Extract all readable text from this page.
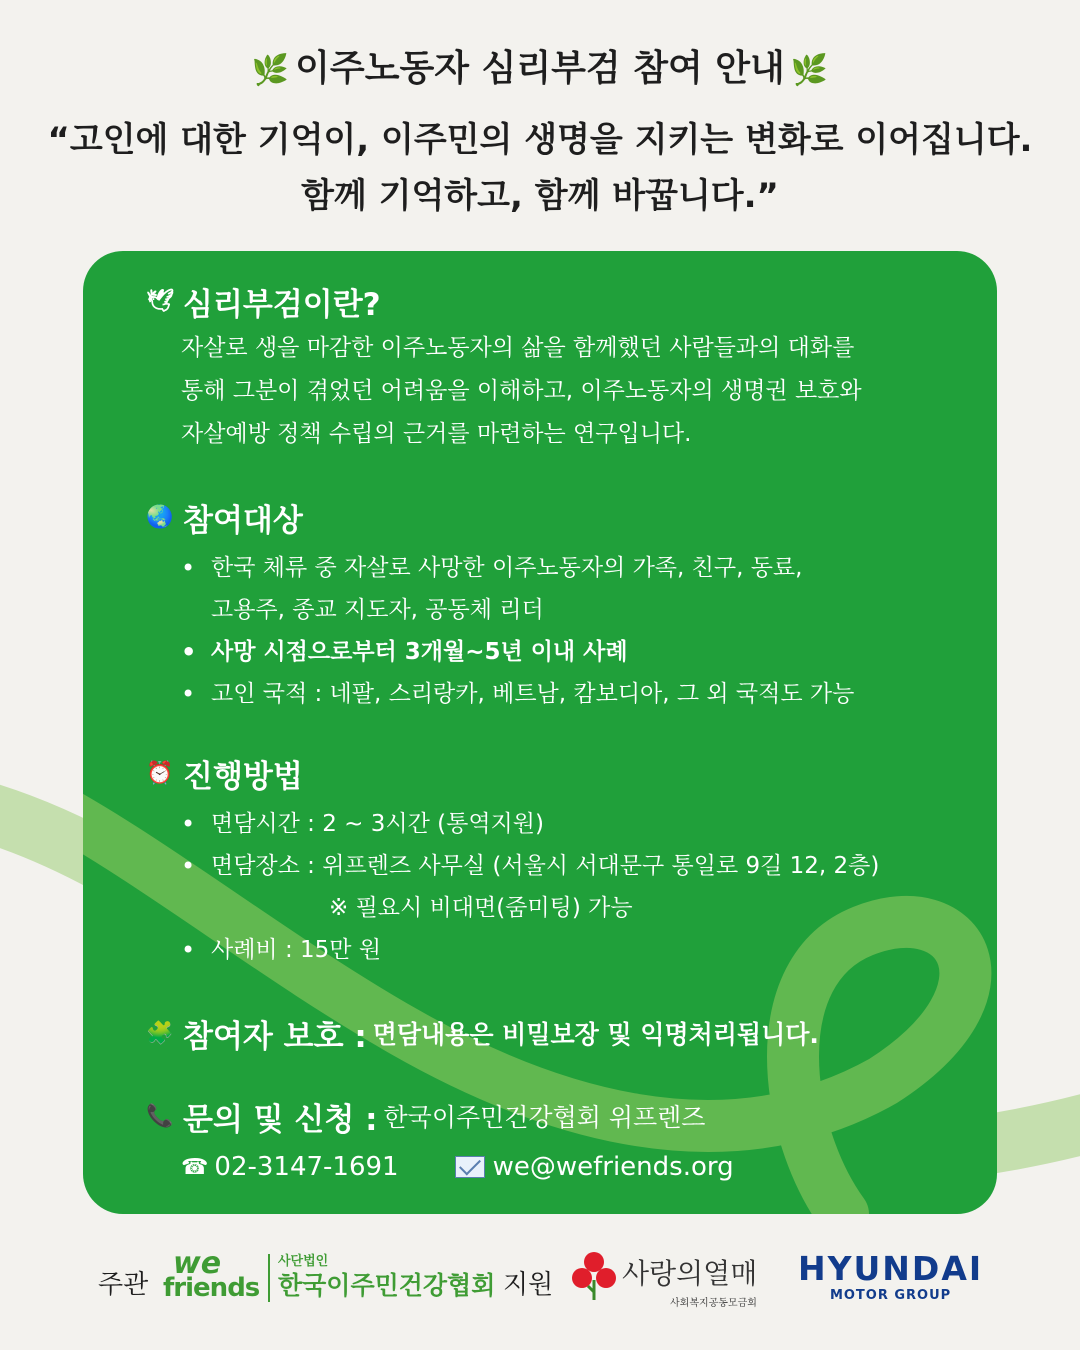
🌿 이주노동자 심리부검 참여 안내 🌿
“고인에 대한 기억이, 이주민의 생명을 지키는 변화로 이어집니다.
함께 기억하고, 함께 바꿉니다.”
🕊 심리부검이란?
자살로 생을 마감한 이주노동자의 삶을 함께했던 사람들과의 대화를
통해 그분이 겪었던 어려움을 이해하고, 이주노동자의 생명권 보호와
자살예방 정책 수립의 근거를 마련하는 연구입니다.
🌏 참여대상
• 한국 체류 중 자살로 사망한 이주노동자의 가족, 친구, 동료,
고용주, 종교 지도자, 공동체 리더
• 사망 시점으로부터 3개월~5년 이내 사례
• 고인 국적 : 네팔, 스리랑카, 베트남, 캄보디아, 그 외 국적도 가능
⏰ 진행방법
• 면담시간 : 2 ~ 3시간 (통역지원)
• 면담장소 : 위프렌즈 사무실 (서울시 서대문구 통일로 9길 12, 2층)
※ 필요시 비대면(줌미팅) 가능
• 사례비 : 15만 원
🧩 참여자 보호 : 면담내용은 비밀보장 및 익명처리됩니다.
📞 문의 및 신청 : 한국이주민건강협회 위프렌즈
☎ 02-3147-1691	we@wefriends.org
주관
we
friends
사단법인
한국이주민건강협회 지원 사랑의열매
사회복지공동모금회
HYUNDAI
MOTOR GROUP
